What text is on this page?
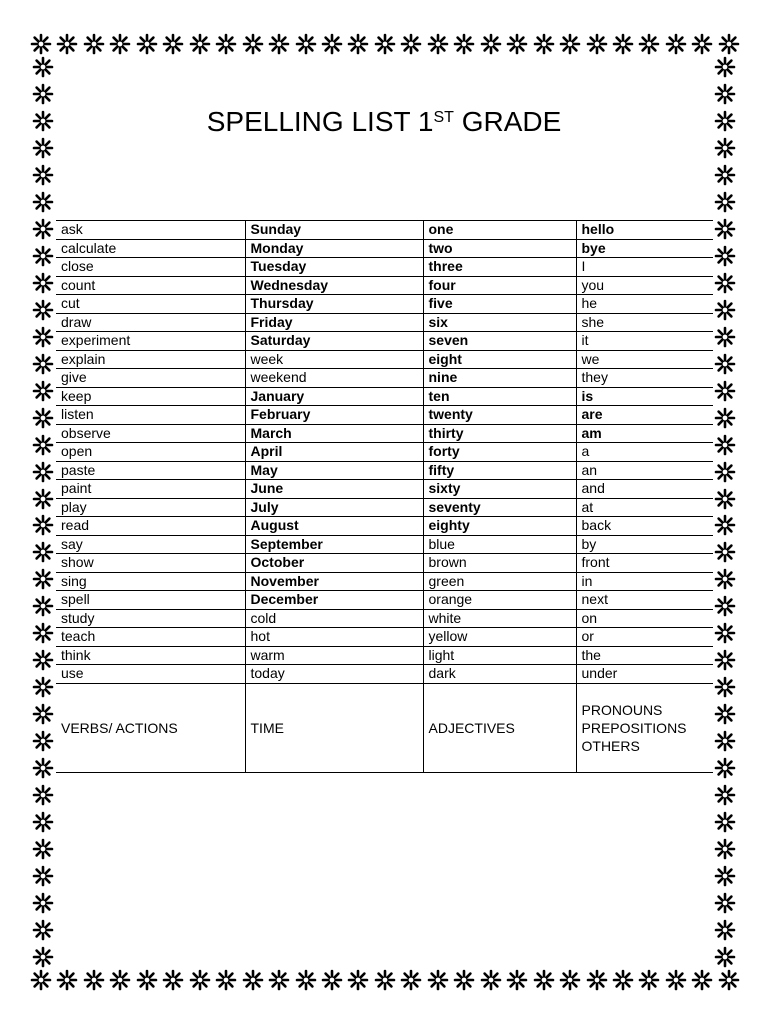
SPELLING LIST 1ST GRADE
ask	Sunday	one	hello
calculate	Monday	two	bye
close	Tuesday	three	I
count	Wednesday	four	you
cut	Thursday	five	he
draw	Friday	six	she
experiment	Saturday	seven	it
explain	week	eight	we
give	weekend	nine	they
keep	January	ten	is
listen	February	twenty	are
observe	March	thirty	am
open	April	forty	a
paste	May	fifty	an
paint	June	sixty	and
play	July	seventy	at
read	August	eighty	back
say	September	blue	by
show	October	brown	front
sing	November	green	in
spell	December	orange	next
study	cold	white	on
teach	hot	yellow	or
think	warm	light	the
use	today	dark	under

VERBS/ ACTIONS	TIME	ADJECTIVES	PRONOUNS
PREPOSITIONS
OTHERS
